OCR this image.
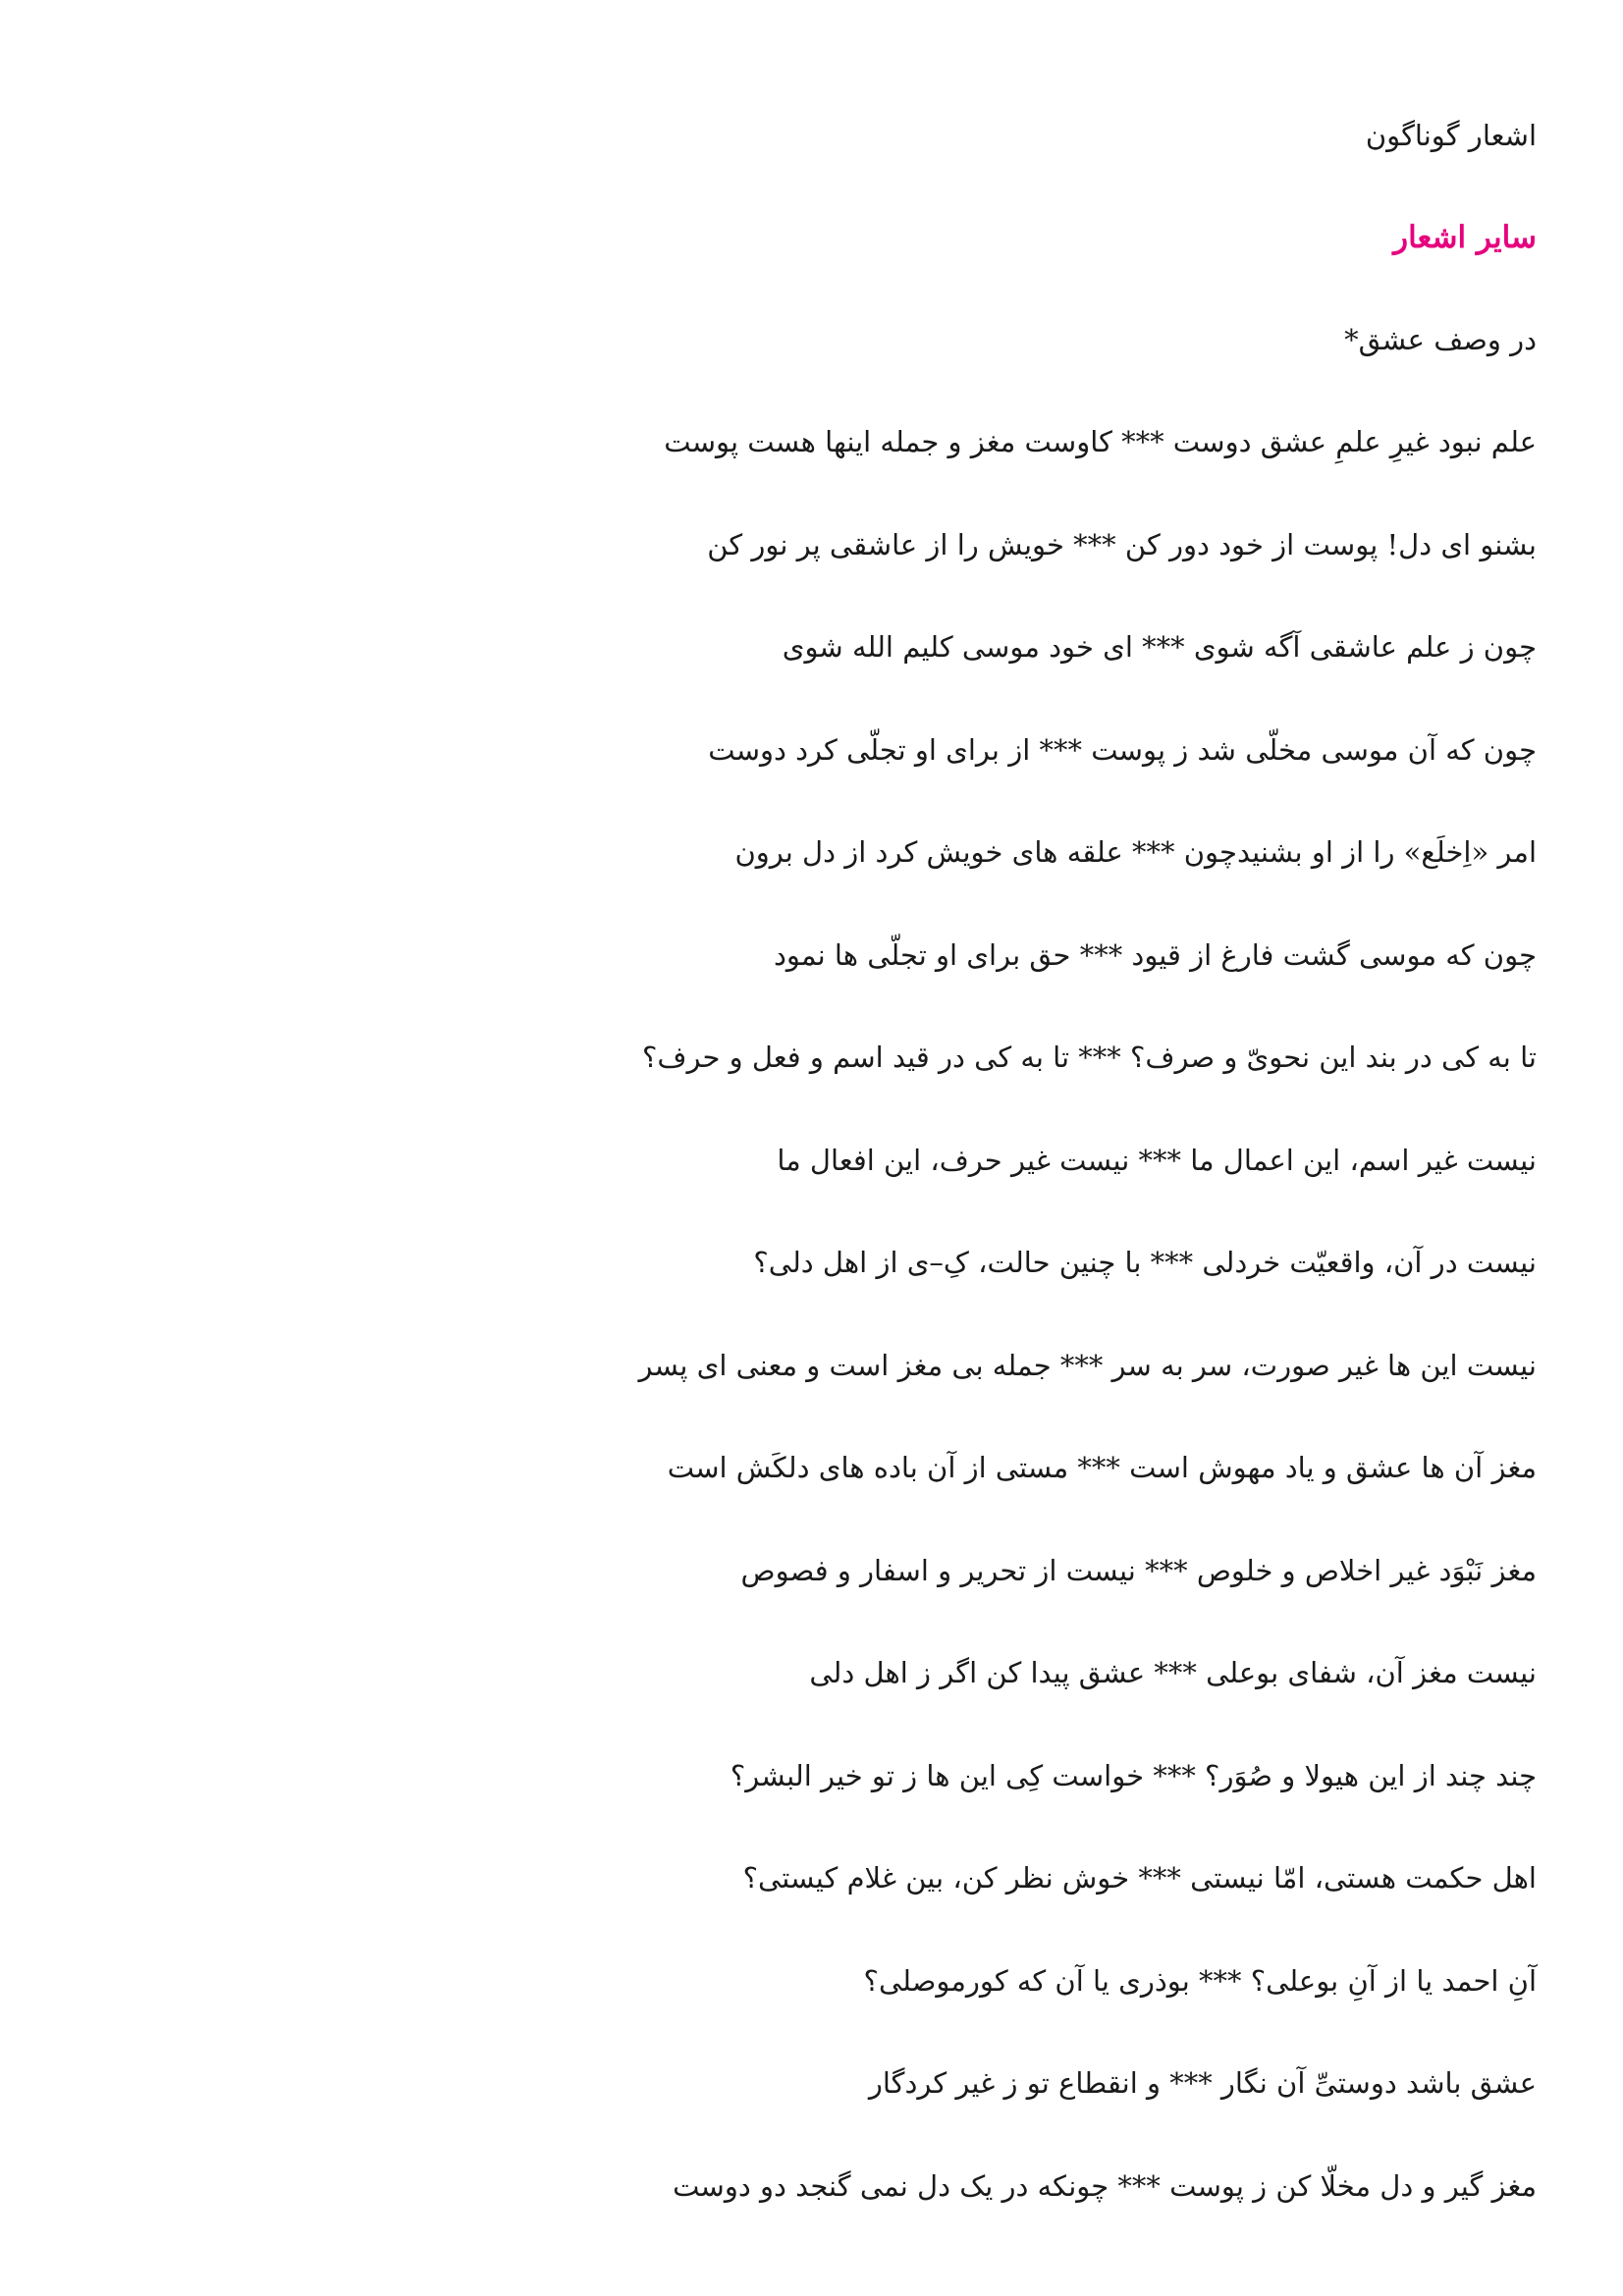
اشعار گوناگون
سایر اشعار
در وصف عشق*
علم نبود غیرِ علمِ عشق دوست *** کاوست مغز و جمله اینها هست پوست
بشنو ای دل! پوست از خود دور کن *** خویش را از عاشقی پر نور کن
چون ز علم عاشقی آگه شوی *** ای خود موسی کلیم الله شوی
چون که آن موسی مخلّی شد ز پوست *** از برای او تجلّی کرد دوست
امر «اِخلَع» را از او بشنیدچون *** علقه های خویش کرد از دل برون
چون که موسی گشت فارغ از قیود *** حق برای او تجلّی ها نمود
تا به کی در بند این نحویّ و صرف؟ *** تا به کی در قید اسم و فعل و حرف؟
نیست غیر اسم، این اعمال ما *** نیست غیر حرف، این افعال ما
نیست در آن، واقعیّت خردلی *** با چنین حالت، کِ–ی از اهل دلی؟
نیست این ها غیر صورت، سر به سر *** جمله بی مغز است و معنی ای پسر
مغز آن ها عشق و یاد مهوش است *** مستی از آن باده های دلکَش است
مغز نَبْوَد غیر اخلاص و خلوص *** نیست از تحریر و اسفار و فصوص
نیست مغز آن، شفای بوعلی *** عشق پیدا کن اگر ز اهل دلی
چند چند از این هیولا و صُوَر؟ *** خواست کِی این ها ز تو خیر البشر؟
اهل حکمت هستی، امّا نیستی *** خوش نظر کن، بین غلام کیستی؟
آنِ احمد یا از آنِ بوعلی؟ *** بوذری یا آن که کورموصلی؟
عشق باشد دوستیِّ آن نگار *** و انقطاع تو ز غیر کردگار
مغز گیر و دل مخلّا کن ز پوست *** چونکه در یک دل نمی گنجد دو دوست
